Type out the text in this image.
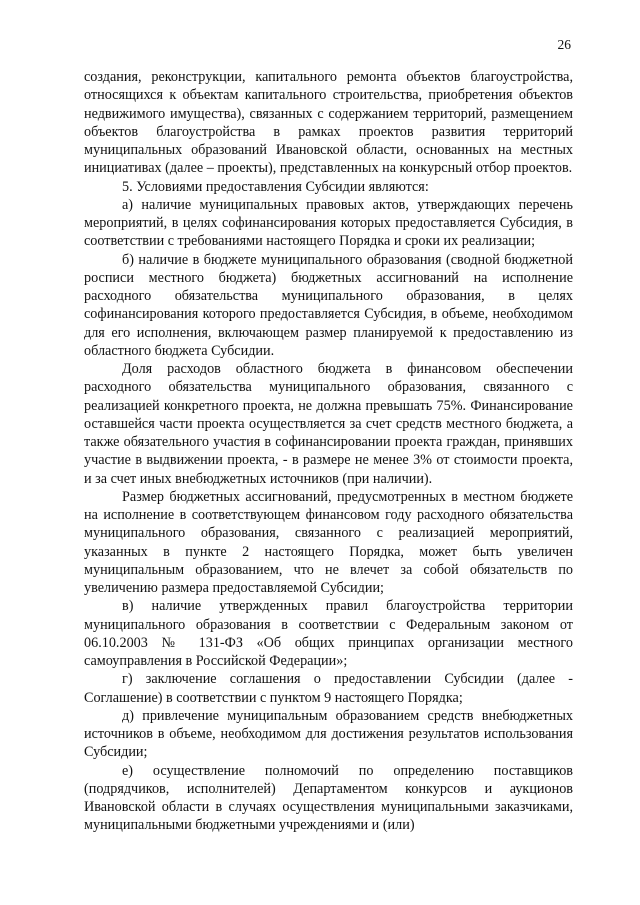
26

создания, реконструкции, капитального ремонта объектов благоустройства, относящихся к объектам капитального строительства, приобретения объектов недвижимого имущества), связанных с содержанием территорий, размещением объектов благоустройства в рамках проектов развития территорий муниципальных образований Ивановской области, основанных на местных инициативах (далее – проекты), представленных на конкурсный отбор проектов.

5. Условиями предоставления Субсидии являются:

а) наличие муниципальных правовых актов, утверждающих перечень мероприятий, в целях софинансирования которых предоставляется Субсидия, в соответствии с требованиями настоящего Порядка и сроки их реализации;

б) наличие в бюджете муниципального образования (сводной бюджетной росписи местного бюджета) бюджетных ассигнований на исполнение расходного обязательства муниципального образования, в целях софинансирования которого предоставляется Субсидия, в объеме, необходимом для его исполнения, включающем размер планируемой к предоставлению из областного бюджета Субсидии.

Доля расходов областного бюджета в финансовом обеспечении расходного обязательства муниципального образования, связанного с реализацией конкретного проекта, не должна превышать 75%. Финансирование оставшейся части проекта осуществляется за счет средств местного бюджета, а также обязательного участия в софинансировании проекта граждан, принявших участие в выдвижении проекта, - в размере не менее 3% от стоимости проекта, и за счет иных внебюджетных источников (при наличии).

Размер бюджетных ассигнований, предусмотренных в местном бюджете на исполнение в соответствующем финансовом году расходного обязательства муниципального образования, связанного с реализацией мероприятий, указанных в пункте 2 настоящего Порядка, может быть увеличен муниципальным образованием, что не влечет за собой обязательств по увеличению размера предоставляемой Субсидии;

в) наличие утвержденных правил благоустройства территории муниципального образования в соответствии с Федеральным законом от 06.10.2003 № 131-ФЗ «Об общих принципах организации местного самоуправления в Российской Федерации»;

г) заключение соглашения о предоставлении Субсидии (далее - Соглашение) в соответствии с пунктом 9 настоящего Порядка;

д) привлечение муниципальным образованием средств внебюджетных источников в объеме, необходимом для достижения результатов использования Субсидии;

е) осуществление полномочий по определению поставщиков (подрядчиков, исполнителей) Департаментом конкурсов и аукционов Ивановской области в случаях осуществления муниципальными заказчиками, муниципальными бюджетными учреждениями и (или)
